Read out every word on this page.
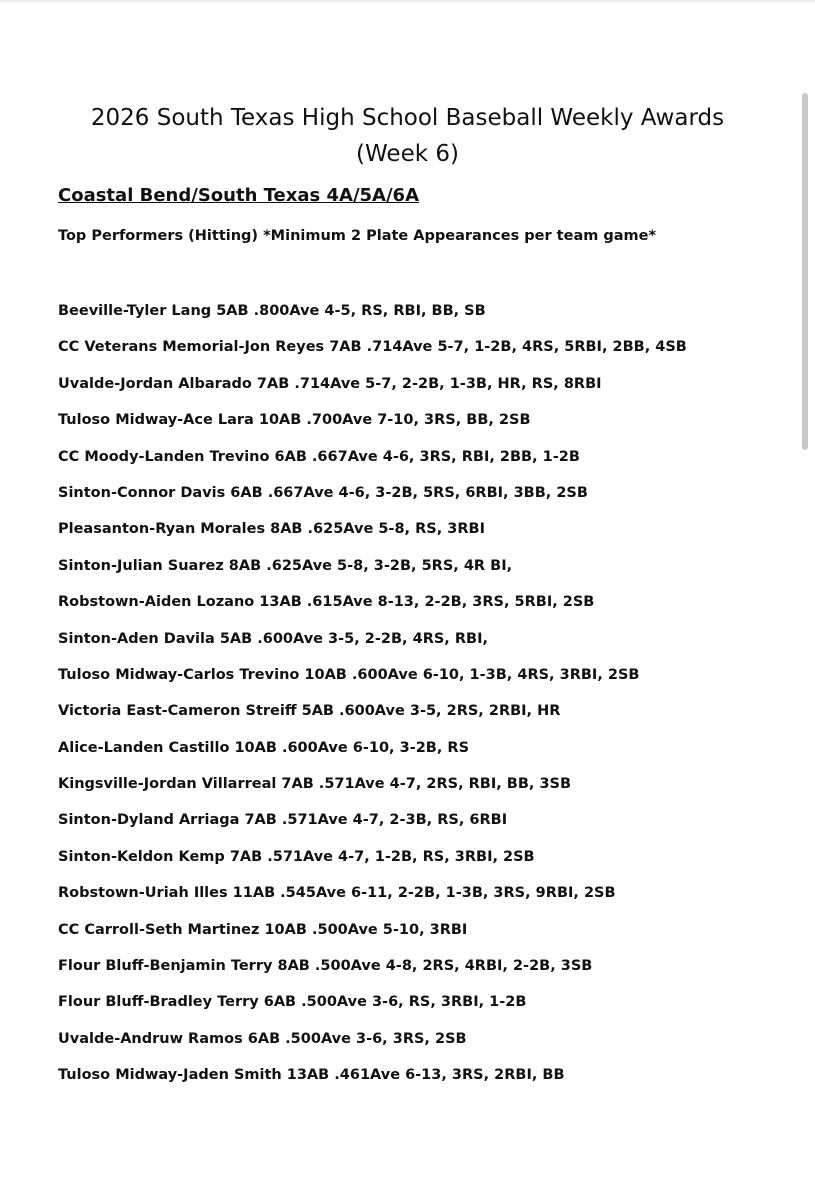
2026 South Texas High School Baseball Weekly Awards
(Week 6)
Coastal Bend/South Texas 4A/5A/6A

Top Performers (Hitting) *Minimum 2 Plate Appearances per team game*

Beeville-Tyler Lang 5AB .800Ave 4-5, RS, RBI, BB, SB
CC Veterans Memorial-Jon Reyes 7AB .714Ave 5-7, 1-2B, 4RS, 5RBI, 2BB, 4SB
Uvalde-Jordan Albarado 7AB .714Ave 5-7, 2-2B, 1-3B, HR, RS, 8RBI
Tuloso Midway-Ace Lara 10AB .700Ave 7-10, 3RS, BB, 2SB
CC Moody-Landen Trevino 6AB .667Ave 4-6, 3RS, RBI, 2BB, 1-2B
Sinton-Connor Davis 6AB .667Ave 4-6, 3-2B, 5RS, 6RBI, 3BB, 2SB
Pleasanton-Ryan Morales 8AB .625Ave 5-8, RS, 3RBI
Sinton-Julian Suarez 8AB .625Ave 5-8, 3-2B, 5RS, 4R BI,
Robstown-Aiden Lozano 13AB .615Ave 8-13, 2-2B, 3RS, 5RBI, 2SB
Sinton-Aden Davila 5AB .600Ave 3-5, 2-2B, 4RS, RBI,
Tuloso Midway-Carlos Trevino 10AB .600Ave 6-10, 1-3B, 4RS, 3RBI, 2SB
Victoria East-Cameron Streiff 5AB .600Ave 3-5, 2RS, 2RBI, HR
Alice-Landen Castillo 10AB .600Ave 6-10, 3-2B, RS
Kingsville-Jordan Villarreal 7AB .571Ave 4-7, 2RS, RBI, BB, 3SB
Sinton-Dyland Arriaga 7AB .571Ave 4-7, 2-3B, RS, 6RBI
Sinton-Keldon Kemp 7AB .571Ave 4-7, 1-2B, RS, 3RBI, 2SB
Robstown-Uriah Illes 11AB .545Ave 6-11, 2-2B, 1-3B, 3RS, 9RBI, 2SB
CC Carroll-Seth Martinez 10AB .500Ave 5-10, 3RBI
Flour Bluff-Benjamin Terry 8AB .500Ave 4-8, 2RS, 4RBI, 2-2B, 3SB
Flour Bluff-Bradley Terry 6AB .500Ave 3-6, RS, 3RBI, 1-2B
Uvalde-Andruw Ramos 6AB .500Ave 3-6, 3RS, 2SB
Tuloso Midway-Jaden Smith 13AB .461Ave 6-13, 3RS, 2RBI, BB
